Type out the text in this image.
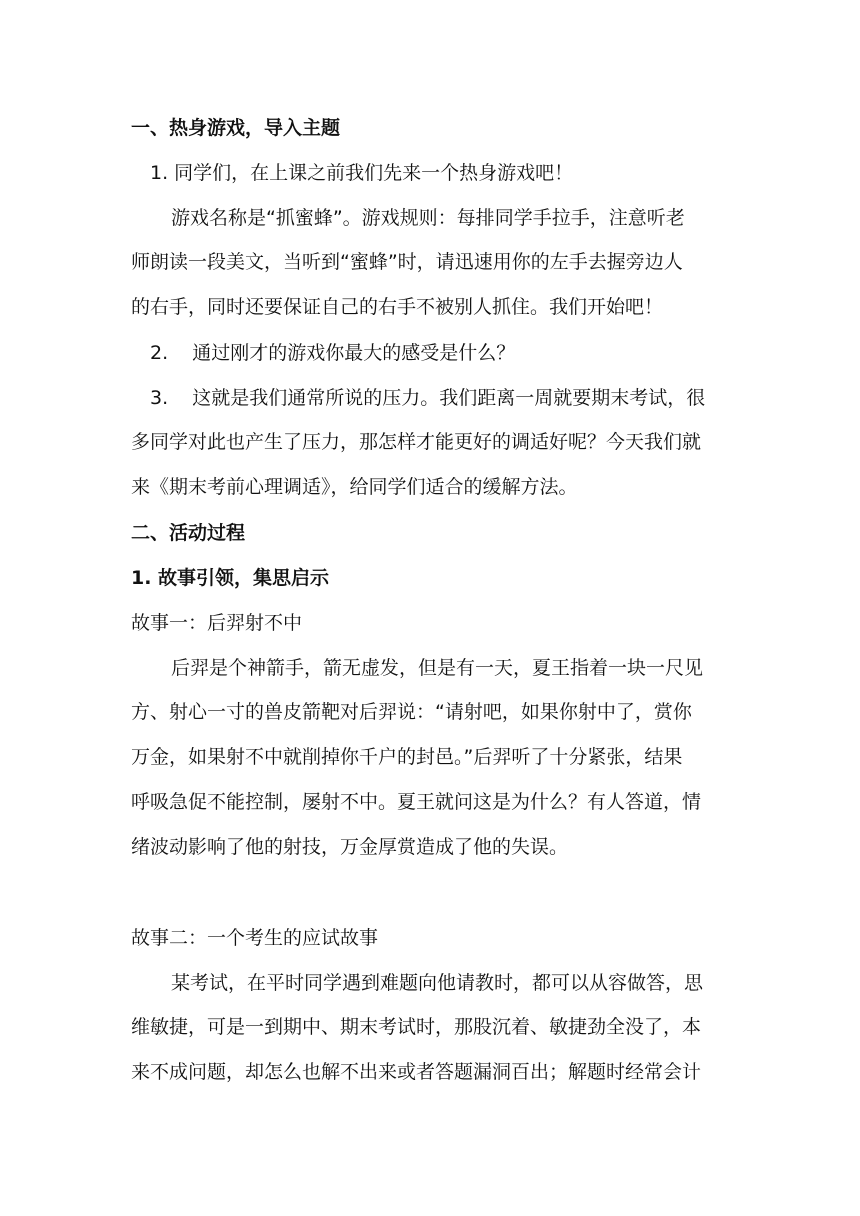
一、热身游戏，导入主题
1. 同学们，在上课之前我们先来一个热身游戏吧！
游戏名称是“抓蜜蜂”。游戏规则：每排同学手拉手，注意听老
师朗读一段美文，当听到“蜜蜂”时，请迅速用你的左手去握旁边人
的右手，同时还要保证自己的右手不被别人抓住。我们开始吧！
2.    通过刚才的游戏你最大的感受是什么？
3.    这就是我们通常所说的压力。我们距离一周就要期末考试，很
多同学对此也产生了压力，那怎样才能更好的调适好呢？今天我们就
来《期末考前心理调适》，给同学们适合的缓解方法。
二、活动过程
1. 故事引领，集思启示
故事一：后羿射不中
后羿是个神箭手，箭无虚发，但是有一天，夏王指着一块一尺见
方、射心一寸的兽皮箭靶对后羿说：“请射吧，如果你射中了，赏你
万金，如果射不中就削掉你千户的封邑。”后羿听了十分紧张，结果
呼吸急促不能控制，屡射不中。夏王就问这是为什么？有人答道，情
绪波动影响了他的射技，万金厚赏造成了他的失误。
故事二：一个考生的应试故事
某考试，在平时同学遇到难题向他请教时，都可以从容做答，思
维敏捷，可是一到期中、期末考试时，那股沉着、敏捷劲全没了，本
来不成问题，却怎么也解不出来或者答题漏洞百出；解题时经常会计
